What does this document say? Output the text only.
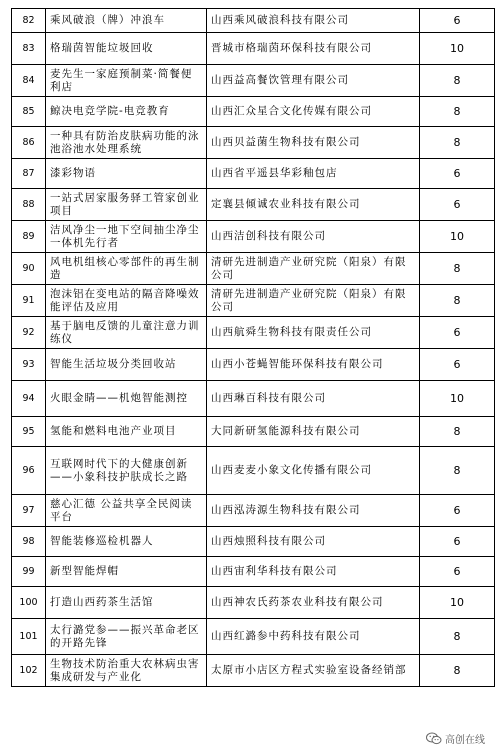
82	乘风破浪（牌）冲浪车	山西乘风破浪科技有限公司	6
83	格瑞茵智能垃圾回收	晋城市格瑞茵环保科技有限公司	10
84	麦先生一家庭预制菜·简餐便利店	山西益高餐饮管理有限公司	8
85	鲸决电竞学院-电竞教育	山西汇众星合文化传媒有限公司	8
86	一种具有防治皮肤病功能的泳池浴池水处理系统	山西贝益菌生物科技有限公司	8
87	漆彩物语	山西省平遥县华彩釉包店	6
88	一站式居家服务驿工管家创业项目	定襄县倾诚农业科技有限公司	6
89	洁风净尘一地下空间抽尘净尘一体机先行者	山西洁创科技有限公司	10
90	风电机组核心零部件的再生制造	清研先进制造产业研究院（阳泉）有限公司	8
91	泡沫铝在变电站的隔音降噪效能评估及应用	清研先进制造产业研究院（阳泉）有限公司	8
92	基于脑电反馈的儿童注意力训练仪	山西航舜生物科技有限责任公司	6
93	智能生活垃圾分类回收站	山西小苍蝇智能环保科技有限公司	6
94	火眼金睛——机炮智能测控	山西琳百科技有限公司	10
95	氢能和燃料电池产业项目	大同新研氢能源科技有限公司	8
96	互联网时代下的大健康创新——小象科技护肤成长之路	山西麦麦小象文化传播有限公司	8
97	慈心汇德 公益共享全民阅读平台	山西泓涛源生物科技有限公司	6
98	智能装修巡检机器人	山西烛照科技有限公司	6
99	新型智能焊帽	山西宙利华科技有限公司	6
100	打造山西药茶生活馆	山西神农氏药茶农业科技有限公司	10
101	太行潞党参——振兴革命老区的开路先锋	山西红潞参中药科技有限公司	8
102	生物技术防治重大农林病虫害集成研发与产业化	太原市小店区方程式实验室设备经销部	8
高创在线
